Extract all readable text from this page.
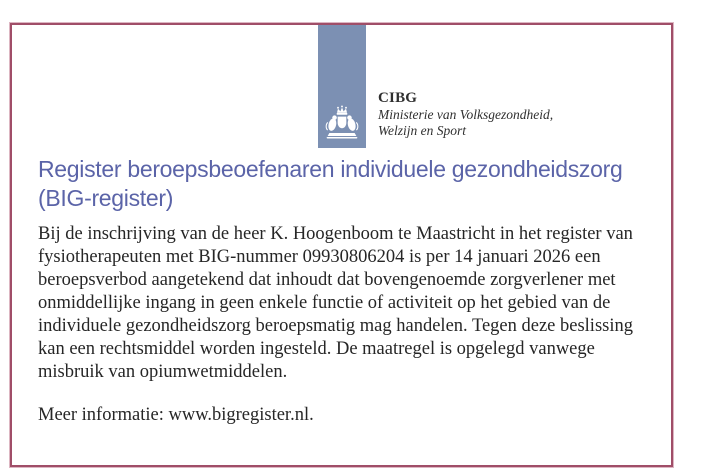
CIBG
Ministerie van Volksgezondheid,
Welzijn en Sport
Register beroepsbeoefenaren individuele gezondheidszorg (BIG-register)

Bij de inschrijving van de heer K. Hoogenboom te Maastricht in het register van fysiotherapeuten met BIG-nummer 09930806204 is per 14 januari 2026 een beroepsverbod aangetekend dat inhoudt dat bovengenoemde zorgverlener met onmiddellijke ingang in geen enkele functie of activiteit op het gebied van de individuele gezondheidszorg beroepsmatig mag handelen. Tegen deze beslissing kan een rechtsmiddel worden ingesteld. De maatregel is opgelegd vanwege misbruik van opiumwetmiddelen.

Meer informatie: www.bigregister.nl.
